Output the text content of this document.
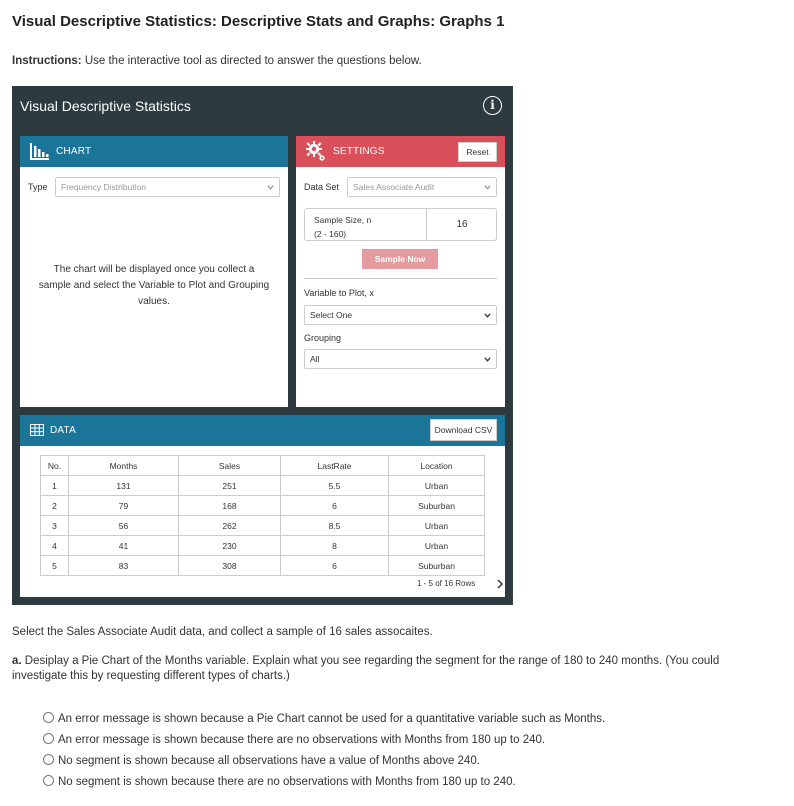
Visual Descriptive Statistics: Descriptive Stats and Graphs: Graphs 1
Instructions: Use the interactive tool as directed to answer the questions below.
Visual Descriptive Statistics	i
CHART
Type	Frequency Distribution
The chart will be displayed once you collect a sample and select the Variable to Plot and Grouping values.
SETTINGS	Reset
Data Set	Sales Associate Audit
Sample Size, n
(2 - 160)
16
Sample Now
Variable to Plot, x
Select One
Grouping
All
DATA	Download CSV
No.	Months	Sales	LastRate	Location
1	131	251	5.5	Urban
2	79	168	6	Suburban
3	56	262	8.5	Urban
4	41	230	8	Urban
5	83	308	6	Suburban
1 - 5 of 16 Rows
Select the Sales Associate Audit data, and collect a sample of 16 sales assocaites.
a. Desiplay a Pie Chart of the Months variable. Explain what you see regarding the segment for the range of 180 to 240 months. (You could investigate this by requesting different types of charts.)
An error message is shown because a Pie Chart cannot be used for a quantitative variable such as Months.
An error message is shown because there are no observations with Months from 180 up to 240.
No segment is shown because all observations have a value of Months above 240.
No segment is shown because there are no observations with Months from 180 up to 240.
